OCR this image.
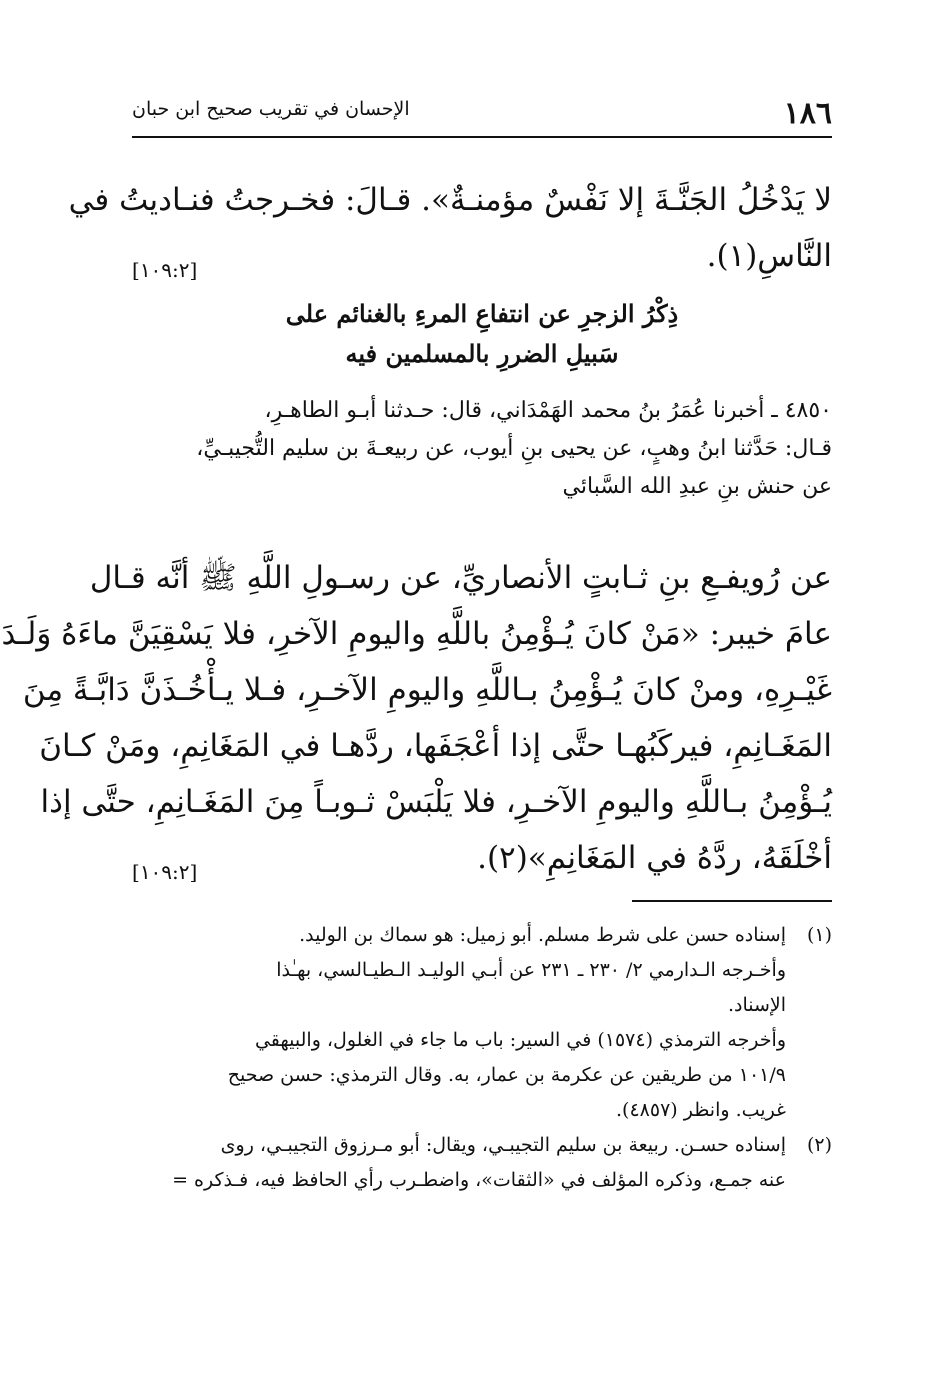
١٨٦
الإحسان في تقريب صحيح ابن حبان
لا يَدْخُلُ الجَنَّـةَ إلا نَفْسٌ مؤمنـةٌ». قـالَ: فخـرجتُ فنـاديتُ في
النَّاسِ(١).
[١٠٩:٢]
ذِكْرُ الزجرِ عن انتفاعِ المرءِ بالغنائم على
سَبيلِ الضررِ بالمسلمين فيه
٤٨٥٠ ـ أخبرنا عُمَرُ بنُ محمد الهَمْدَاني، قال: حـدثنا أبـو الطاهـرِ،
قـال: حَدَّثنا ابنُ وهبٍ، عن يحيى بنِ أيوب، عن ربيعـةَ بن سليم التُّجيبـيِّ،
عن حنش بنِ عبدِ الله السَّبائي
عن رُويفـعِ بنِ ثـابتٍ الأنصاريِّ، عن رسـولِ اللَّهِ ﷺ أنَّه قـال
عامَ خيبر: «مَنْ كانَ يُـؤْمِنُ باللَّهِ واليومِ الآخرِ، فلا يَسْقِيَنَّ ماءَهُ وَلَـدَ
غَيْـرِهِ، ومنْ كانَ يُـؤْمِنُ بـاللَّهِ واليومِ الآخـرِ، فـلا يـأْخُـذَنَّ دَابَّـةً مِنَ
المَغَـانِمِ، فيركَبُهـا حتَّى إذا أعْجَفَها، ردَّهـا في المَغَانِمِ، ومَنْ كـانَ
يُـؤْمِنُ بـاللَّهِ واليومِ الآخـرِ، فلا يَلْبَسْ ثـوبـاً مِنَ المَغَـانِمِ، حتَّى إذا
أخْلَقَهُ، ردَّهُ في المَغَانِمِ»(٢).
[١٠٩:٢]
(١)إسناده حسن على شرط مسلم. أبو زميل: هو سماك بن الوليد.
وأخـرجه الـدارمي ٢/ ٢٣٠ ـ ٢٣١ عن أبـي الوليـد الـطيـالسي، بهـٰذا
الإسناد.
وأخرجه الترمذي (١٥٧٤) في السير: باب ما جاء في الغلول، والبيهقي
١٠١/٩ من طريقين عن عكرمة بن عمار، به. وقال الترمذي: حسن صحيح
غريب. وانظر (٤٨٥٧).
(٢)إسناده حسـن. ربيعة بن سليم التجيبـي، ويقال: أبو مـرزوق التجيبـي، روى
عنه جمـع، وذكره المؤلف في «الثقات»، واضطـرب رأي الحافظ فيه، فـذكره =
